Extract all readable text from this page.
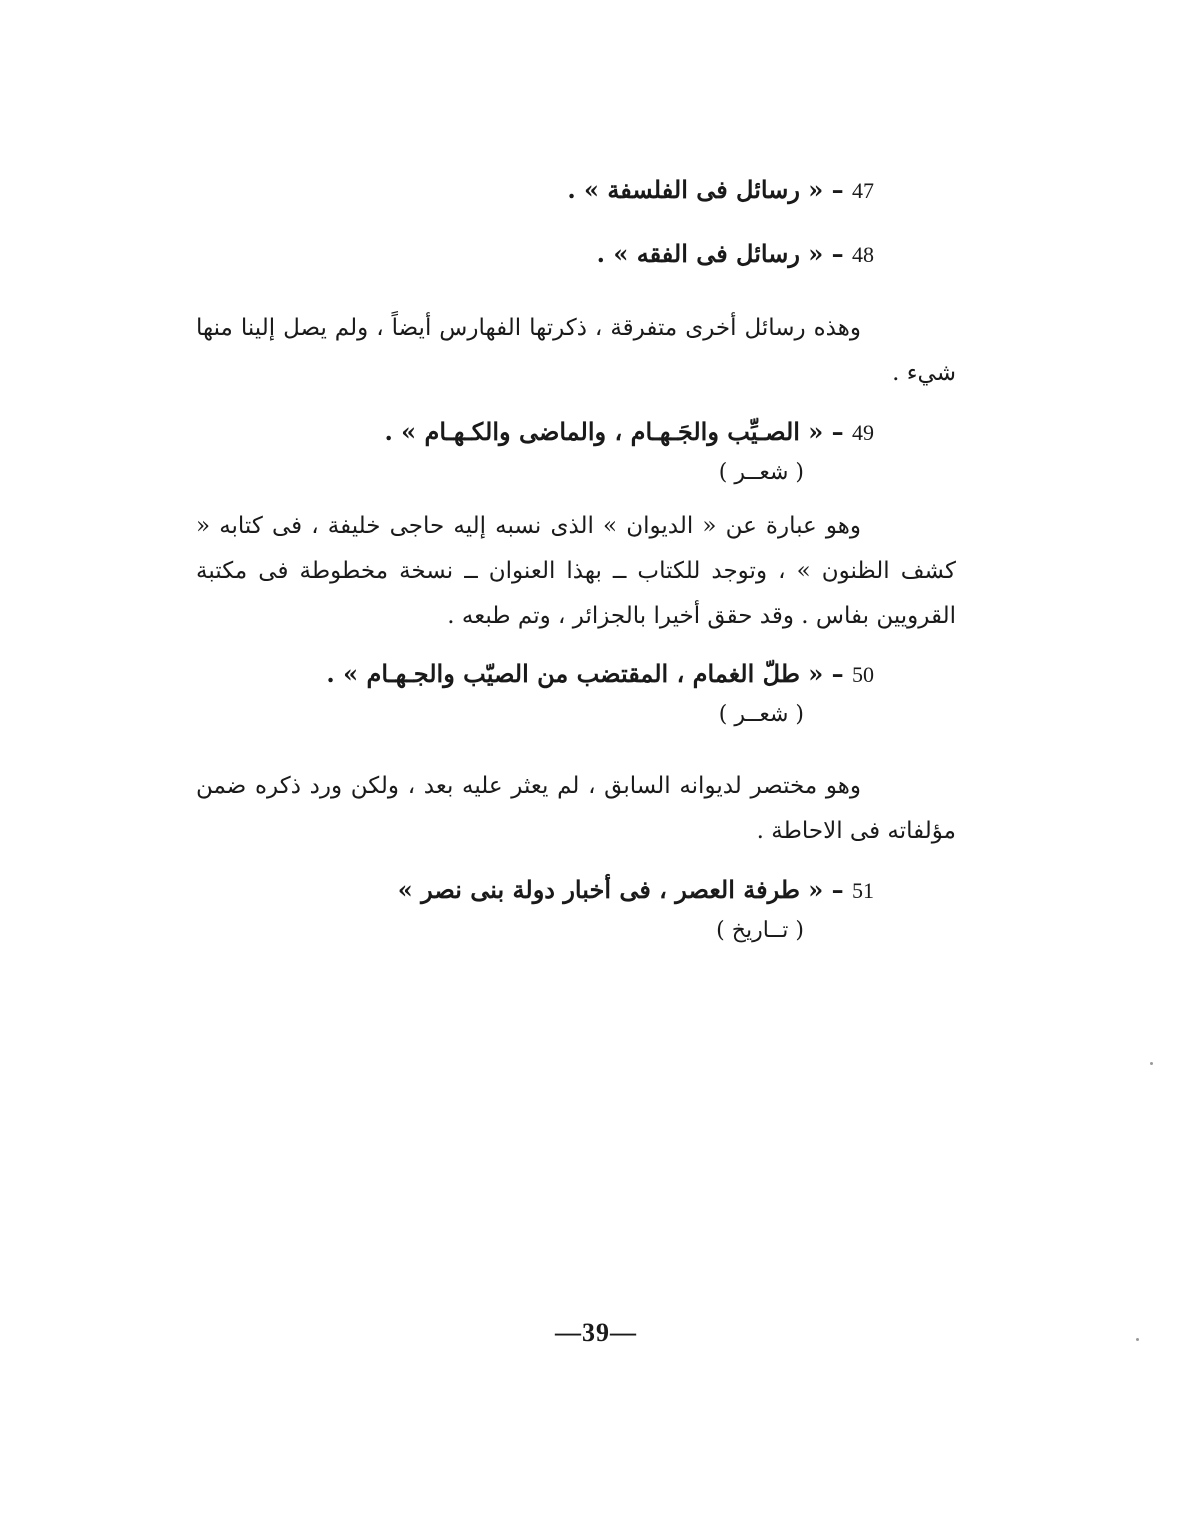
47 – « رسائل فى الفلسفة » .
48 – « رسائل فى الفقه » .
وهذه رسائل أخرى متفرقة ، ذكرتها الفهارس أيضاً ، ولم يصل إلينا منها شيء .
49 – « الصـيِّب والجَـهـام ، والماضى والكـهـام » .
( شعــر )
وهو عبارة عن « الديوان » الذى نسبه إليه حاجى خليفة ، فى كتابه « كشف الظنون » ، وتوجد للكتاب ــ بهذا العنوان ــ نسخة مخطوطة فى مكتبة القرويين بفاس . وقد حقق أخيرا بالجزائر ، وتم طبعه .
50 – « طلّ الغمام ، المقتضب من الصيّب والجـهـام » .
( شعــر )
وهو مختصر لديوانه السابق ، لم يعثر عليه بعد ، ولكن ورد ذكره ضمن مؤلفاته فى الاحاطة .
51 – « طرفة العصر ، فى أخبار دولة بنى نصر »
( تــاريخ )
—39—
